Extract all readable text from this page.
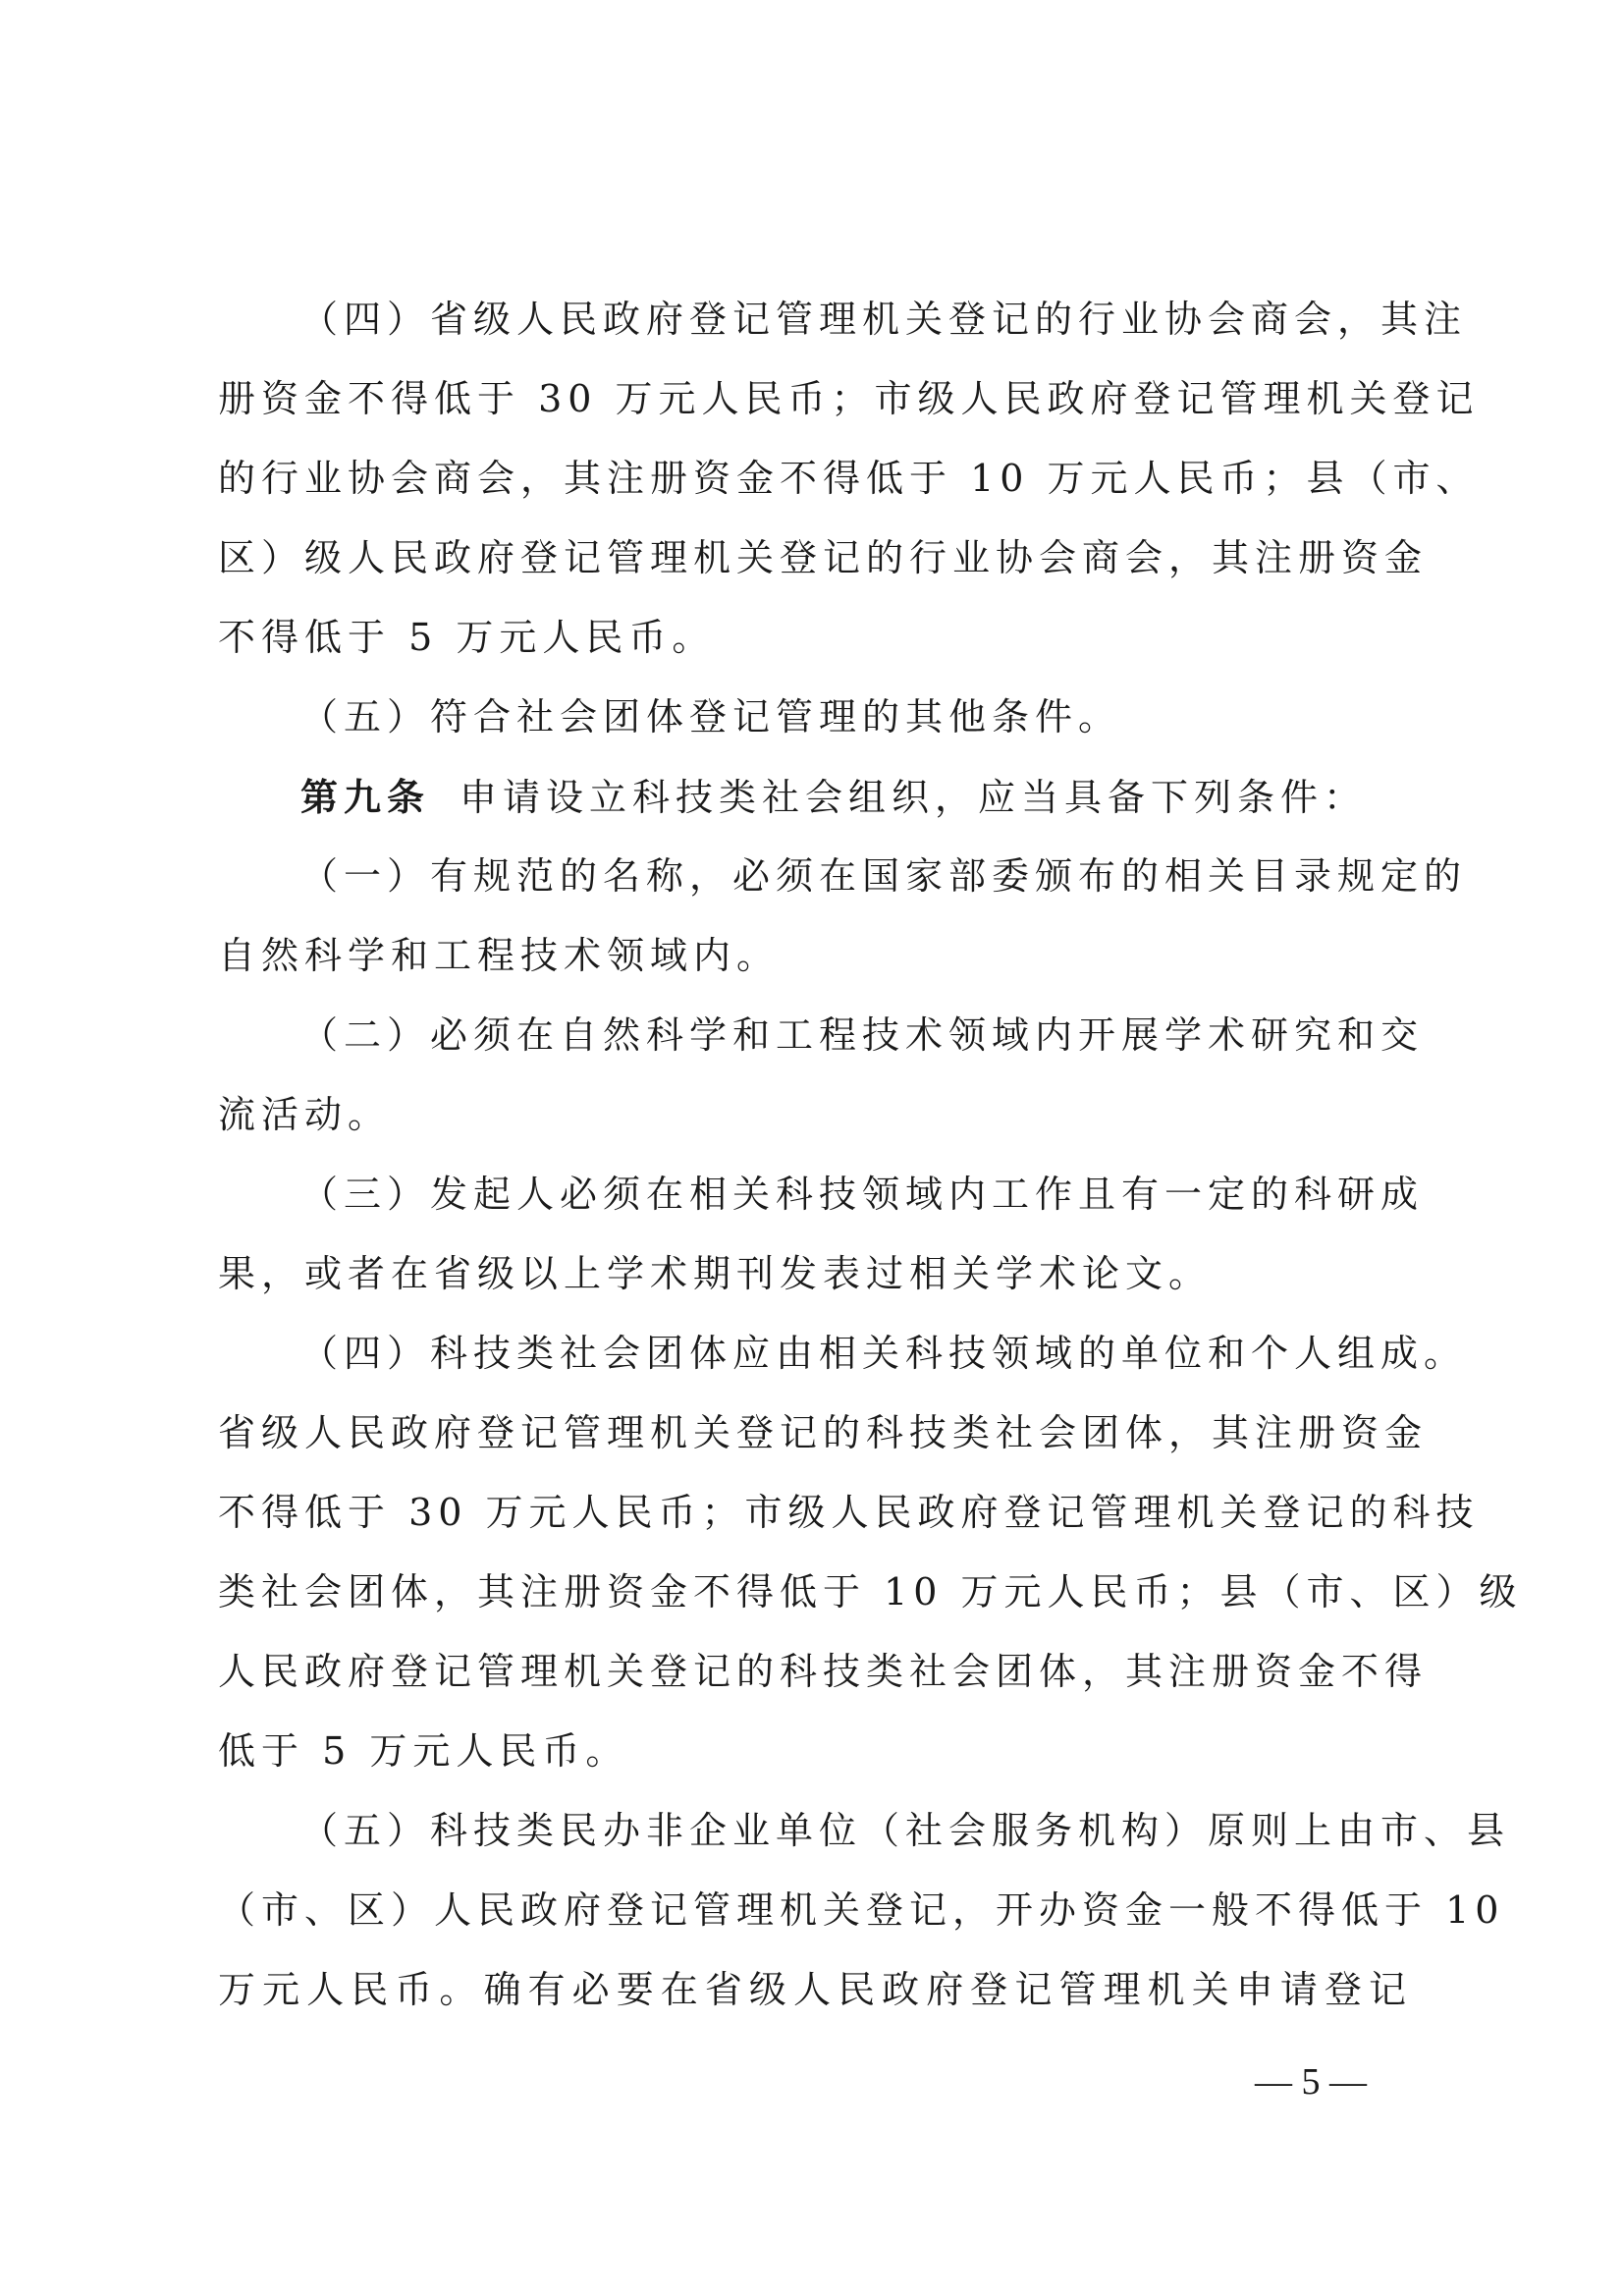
（四）省级人民政府登记管理机关登记的行业协会商会，其注
册资金不得低于 30 万元人民币；市级人民政府登记管理机关登记
的行业协会商会，其注册资金不得低于 10 万元人民币；县（市、
区）级人民政府登记管理机关登记的行业协会商会，其注册资金
不得低于 5 万元人民币。
（五）符合社会团体登记管理的其他条件。
第九条 申请设立科技类社会组织，应当具备下列条件：
（一）有规范的名称，必须在国家部委颁布的相关目录规定的
自然科学和工程技术领域内。
（二）必须在自然科学和工程技术领域内开展学术研究和交
流活动。
（三）发起人必须在相关科技领域内工作且有一定的科研成
果，或者在省级以上学术期刊发表过相关学术论文。
（四）科技类社会团体应由相关科技领域的单位和个人组成。
省级人民政府登记管理机关登记的科技类社会团体，其注册资金
不得低于 30 万元人民币；市级人民政府登记管理机关登记的科技
类社会团体，其注册资金不得低于 10 万元人民币；县（市、区）级
人民政府登记管理机关登记的科技类社会团体，其注册资金不得
低于 5 万元人民币。
（五）科技类民办非企业单位（社会服务机构）原则上由市、县
（市、区）人民政府登记管理机关登记，开办资金一般不得低于 10
万元人民币。确有必要在省级人民政府登记管理机关申请登记
— 5 —
